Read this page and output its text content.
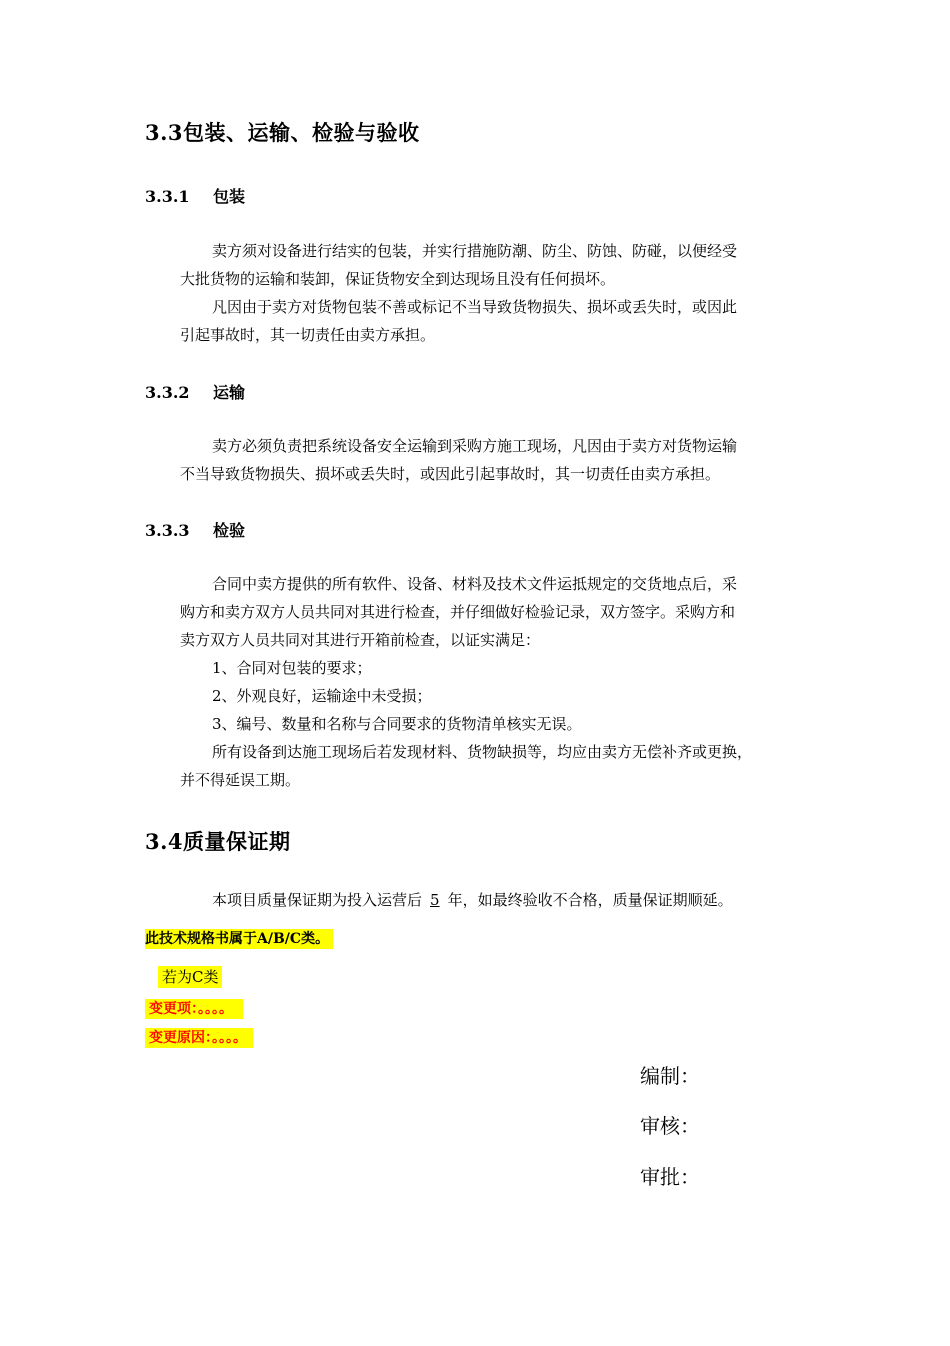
3.3包装、运输、检验与验收
3.3.1 包装
卖方须对设备进行结实的包装，并实行措施防潮、防尘、防蚀、防碰，以便经受
大批货物的运输和装卸，保证货物安全到达现场且没有任何损坏。
凡因由于卖方对货物包装不善或标记不当导致货物损失、损坏或丢失时，或因此
引起事故时，其一切责任由卖方承担。
3.3.2 运输
卖方必须负责把系统设备安全运输到采购方施工现场，凡因由于卖方对货物运输
不当导致货物损失、损坏或丢失时，或因此引起事故时，其一切责任由卖方承担。
3.3.3 检验
合同中卖方提供的所有软件、设备、材料及技术文件运抵规定的交货地点后，采
购方和卖方双方人员共同对其进行检查，并仔细做好检验记录，双方签字。采购方和
卖方双方人员共同对其进行开箱前检查，以证实满足：
1、合同对包装的要求；
2、外观良好，运输途中未受损；
3、编号、数量和名称与合同要求的货物清单核实无误。
所有设备到达施工现场后若发现材料、货物缺损等，均应由卖方无偿补齐或更换，
并不得延误工期。
3.4质量保证期
本项目质量保证期为投入运营后 5 年，如最终验收不合格，质量保证期顺延。
此技术规格书属于A/B/C类。
若为C类
变更项：。。。。
变更原因：。。。。
编制：
审核：
审批：
